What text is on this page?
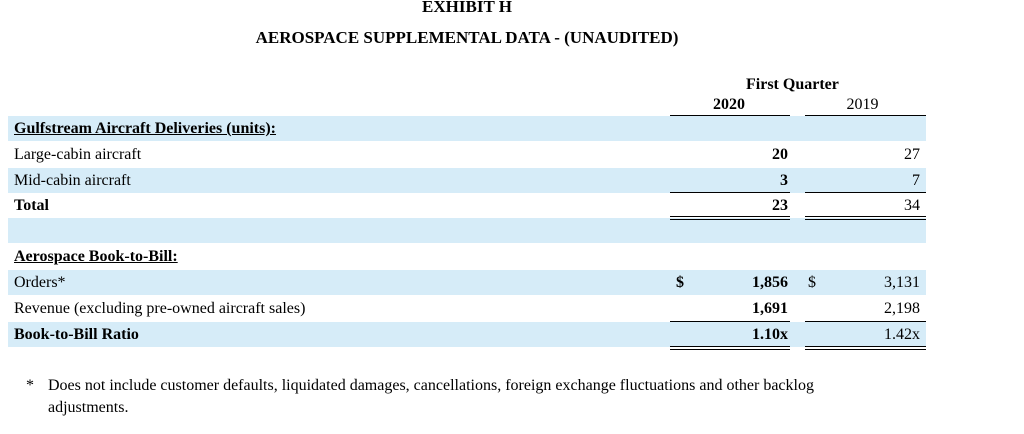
EXHIBIT H
AEROSPACE SUPPLEMENTAL DATA - (UNAUDITED)
First Quarter
2020	2019
Gulfstream Aircraft Deliveries (units):
Large-cabin aircraft	20	27
Mid-cabin aircraft	3	7
Total	23	34
Aerospace Book-to-Bill:
Orders*	$	1,856 $	3,131
Revenue (excluding pre-owned aircraft sales)	1,691	2,198
Book-to-Bill Ratio	1.10x	1.42x
* Does not include customer defaults, liquidated damages, cancellations, foreign exchange fluctuations and other backlog
adjustments.
